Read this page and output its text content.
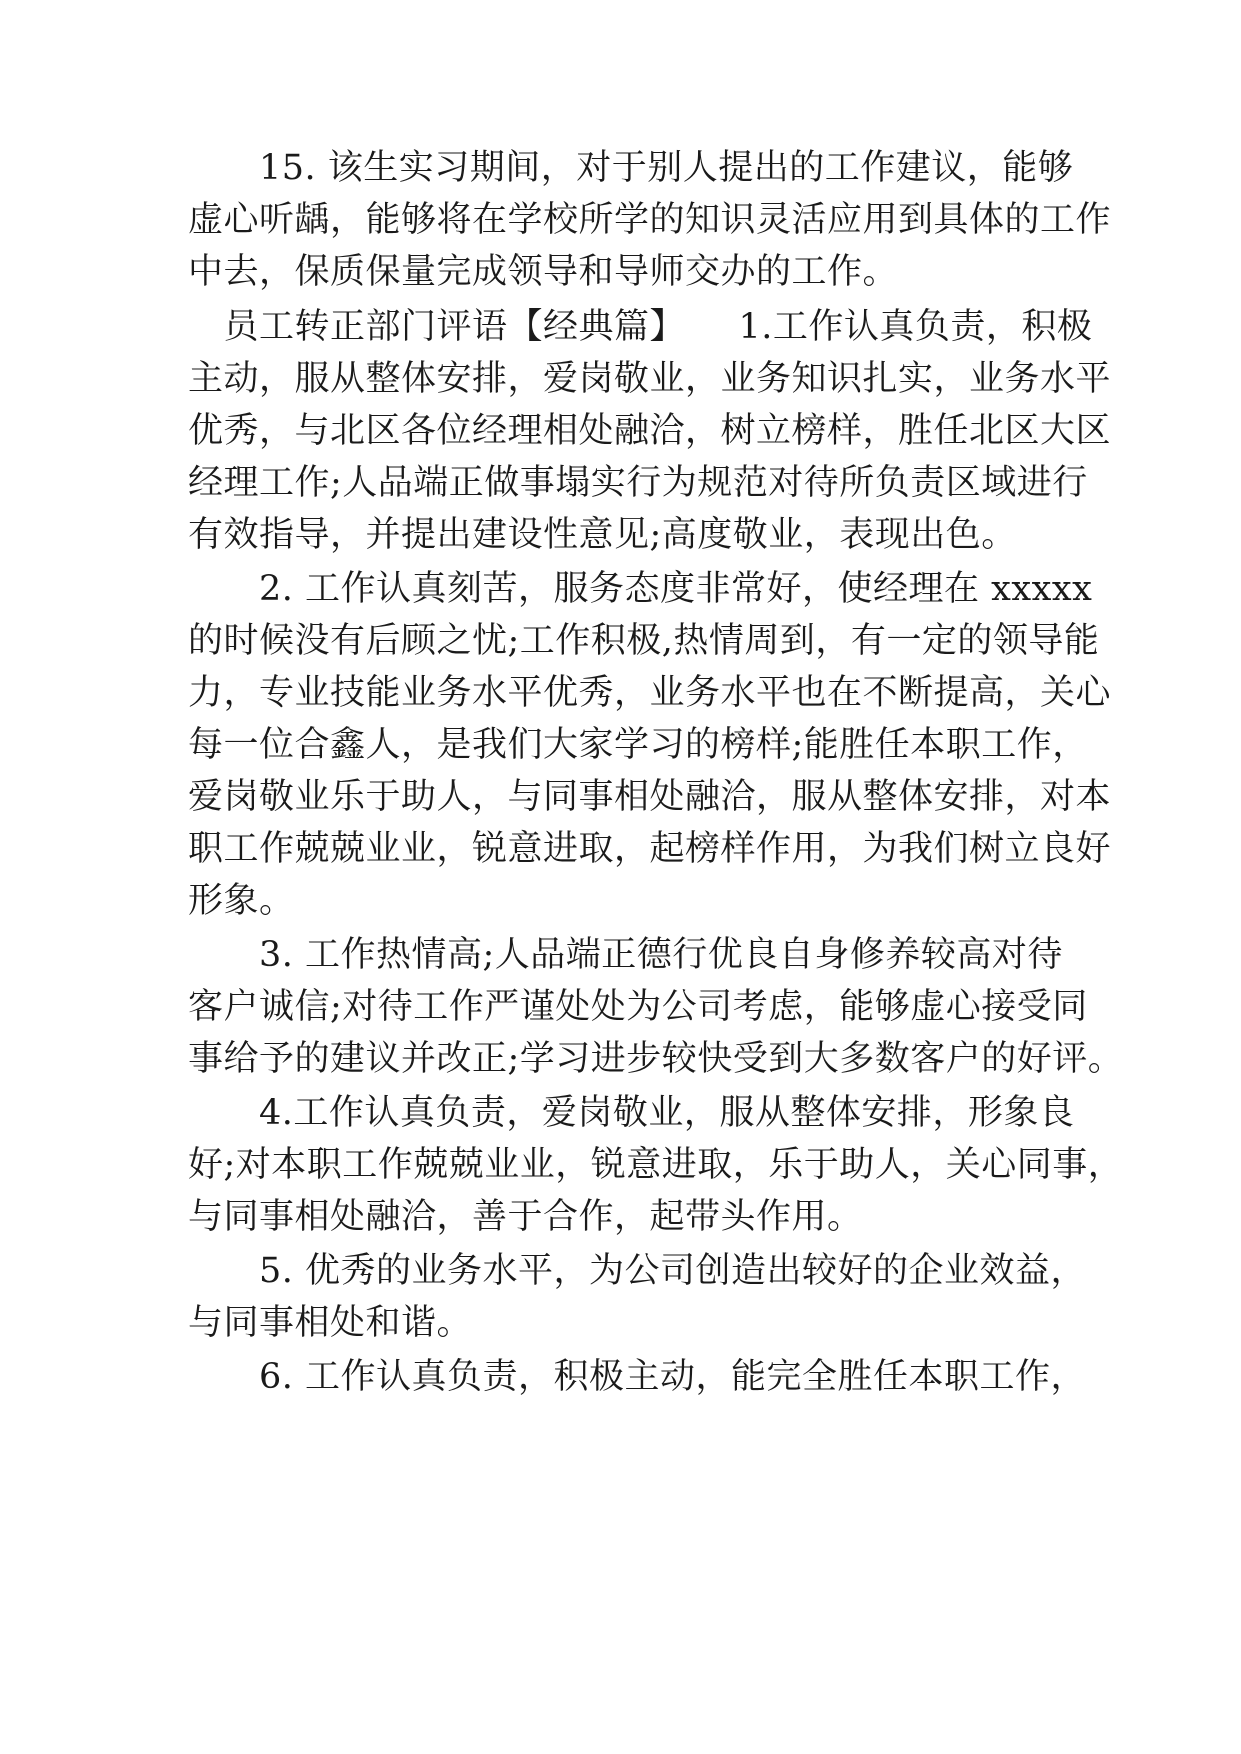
　　15. 该生实习期间，对于别人提出的工作建议，能够
虚心听龋，能够将在学校所学的知识灵活应用到具体的工作
中去，保质保量完成领导和导师交办的工作。
　员工转正部门评语【经典篇】　　1.工作认真负责，积极
主动，服从整体安排，爱岗敬业，业务知识扎实，业务水平
优秀，与北区各位经理相处融洽，树立榜样，胜任北区大区
经理工作;人品端正做事塌实行为规范对待所负责区域进行
有效指导，并提出建设性意见;高度敬业，表现出色。
　　2. 工作认真刻苦，服务态度非常好，使经理在 xxxxx
的时候没有后顾之忧;工作积极,热情周到，有一定的领导能
力，专业技能业务水平优秀，业务水平也在不断提高，关心
每一位合鑫人，是我们大家学习的榜样;能胜任本职工作，
爱岗敬业乐于助人，与同事相处融洽，服从整体安排，对本
职工作兢兢业业，锐意进取，起榜样作用，为我们树立良好
形象。
　　3. 工作热情高;人品端正德行优良自身修养较高对待
客户诚信;对待工作严谨处处为公司考虑，能够虚心接受同
事给予的建议并改正;学习进步较快受到大多数客户的好评。
　　4.工作认真负责，爱岗敬业，服从整体安排，形象良
好;对本职工作兢兢业业，锐意进取，乐于助人，关心同事，
与同事相处融洽，善于合作，起带头作用。
　　5. 优秀的业务水平，为公司创造出较好的企业效益，
与同事相处和谐。
　　6. 工作认真负责，积极主动，能完全胜任本职工作，
